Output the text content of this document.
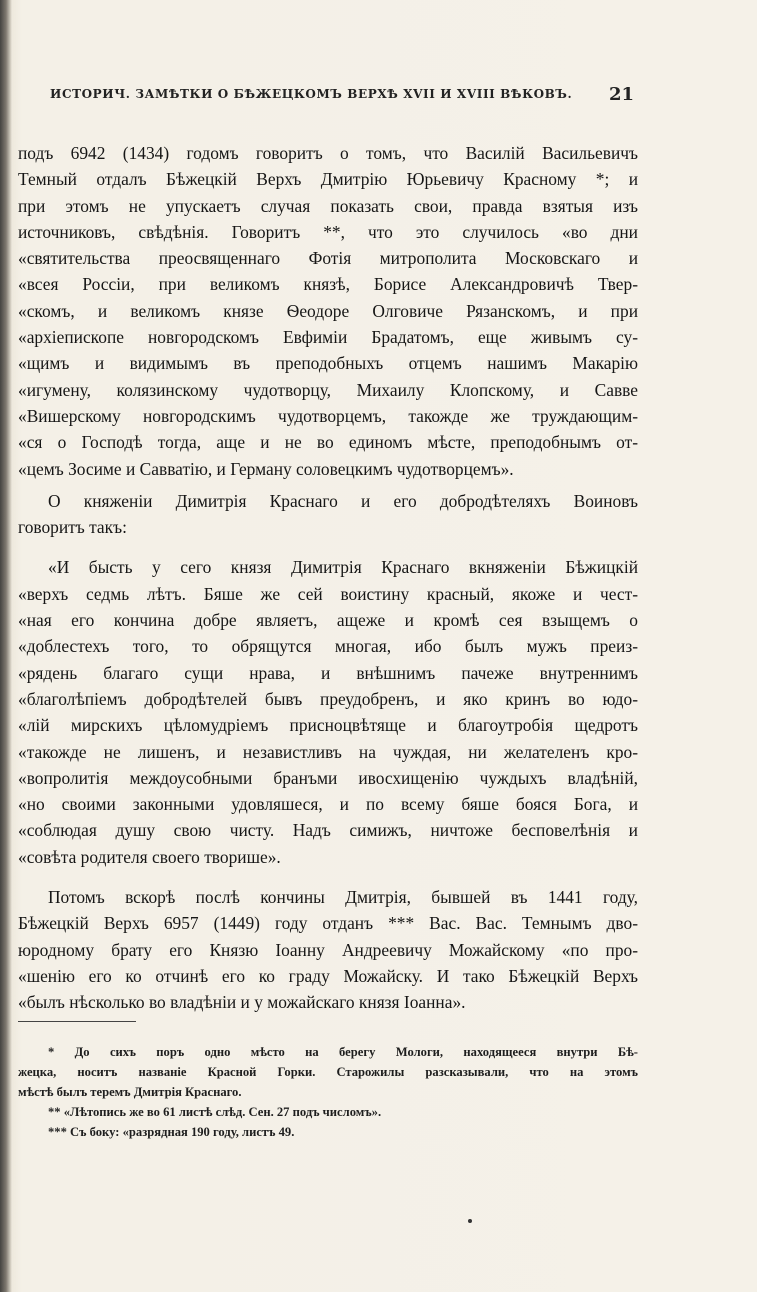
ИСТОРИЧ. ЗАМѢТКИ О БѢЖЕЦКОМЪ ВЕРХѢ XVII И XVIII ВѢКОВЪ.	21
подъ 6942 (1434) годомъ говоритъ о томъ, что Василій Васильевичъ
Темный отдалъ Бѣжецкій Верхъ Дмитрію Юрьевичу Красному *; и
при этомъ не упускаетъ случая показать свои, правда взятыя изъ
источниковъ, свѣдѣнія. Говоритъ **, что это случилось «во дни
«святительства преосвященнаго Фотія митрополита Московскаго и
«всея Россіи, при великомъ князѣ, Борисе Александровичѣ Твер-
«скомъ, и великомъ князе Ѳеодоре Олговиче Рязанскомъ, и при
«архіепископе новгородскомъ Евфиміи Брадатомъ, еще живымъ су-
«щимъ и видимымъ въ преподобныхъ отцемъ нашимъ Макарію
«игумену, колязинскому чудотворцу, Михаилу Клопскому, и Савве
«Вишерскому новгородскимъ чудотворцемъ, такожде же труждающим-
«ся о Господѣ тогда, аще и не во единомъ мѣсте, преподобнымъ от-
«цемъ Зосиме и Савватію, и Герману соловецкимъ чудотворцемъ».
О княженіи Димитрія Краснаго и его добродѣтеляхъ Воиновъ
говоритъ такъ:
«И бысть у сего князя Димитрія Краснаго вкняженіи Бѣжицкій
«верхъ седмь лѣтъ. Бяше же сей воистину красный, якоже и чест-
«ная его кончина добре являетъ, ащеже и кромѣ сея взыщемъ о
«доблестехъ того, то обрящутся многая, ибо былъ мужъ преиз-
«рядень благаго сущи нрава, и внѣшнимъ пачеже внутреннимъ
«благолѣпіемъ добродѣтелей бывъ преудобренъ, и яко кринъ во юдо-
«лій мирскихъ цѣломудріемъ присноцвѣтяще и благоутробія щедротъ
«такожде не лишенъ, и независтливъ на чуждая, ни желателенъ кро-
«вопролитія междоусобными бранъми ивосхищенію чуждыхъ владѣній,
«но своими законными удовляшеся, и по всему бяше бояся Бога, и
«соблюдая душу свою чисту. Надъ симижъ, ничтоже бесповелѣнія и
«совѣта родителя своего творише».
Потомъ вскорѣ послѣ кончины Дмитрія, бывшей въ 1441 году,
Бѣжецкій Верхъ 6957 (1449) году отданъ *** Вас. Вас. Темнымъ дво-
юродному брату его Князю Іоанну Андреевичу Можайскому «по про-
«шенію его ко отчинѣ его ко граду Можайску. И тако Бѣжецкій Верхъ
«былъ нѣсколько во владѣніи и у можайскаго князя Іоанна».
* До сихъ поръ одно мѣсто на берегу Мологи, находящееся внутри Бѣ-
жецка, носитъ названіе Красной Горки. Старожилы разсказывали, что на этомъ
мѣстѣ былъ теремъ Дмитрія Краснаго.
** «Лѣтопись же во 61 листѣ слѣд. Сен. 27 подъ числомъ».
*** Съ боку: «разрядная 190 году, листъ 49.
